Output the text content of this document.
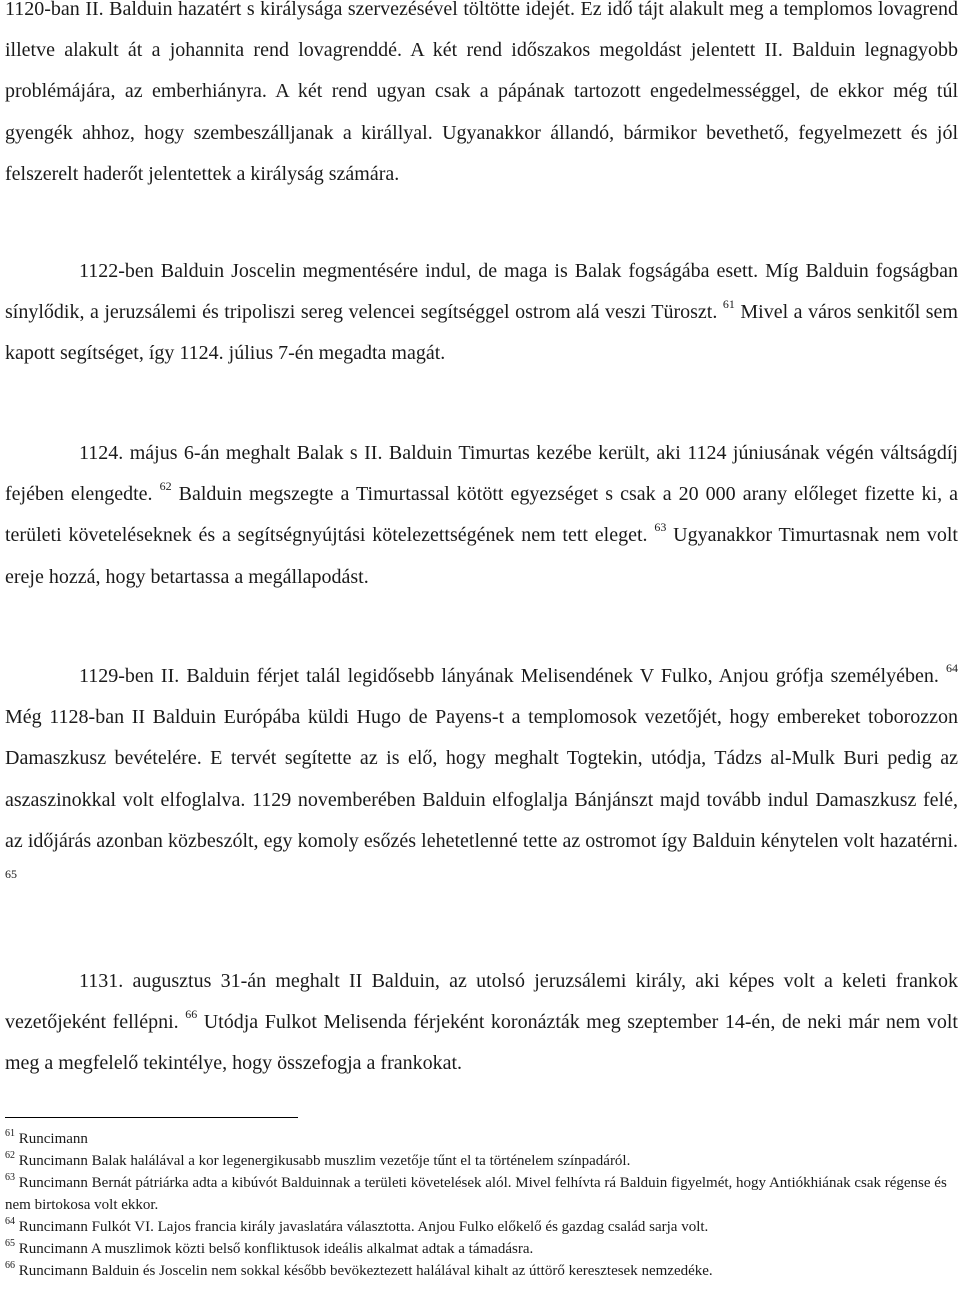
1120-ban II. Balduin hazatért s királysága szervezésével töltötte idejét. Ez idő tájt alakult meg a templomos lovagrend illetve alakult át a johannita rend lovagrenddé. A két rend időszakos megoldást jelentett II. Balduin legnagyobb problémájára, az emberhiányra. A két rend ugyan csak a pápának tartozott engedelmességgel, de ekkor még túl gyengék ahhoz, hogy szembeszálljanak a királlyal. Ugyanakkor állandó, bármikor bevethető, fegyelmezett és jól felszerelt haderőt jelentettek a királyság számára.

1122-ben Balduin Joscelin megmentésére indul, de maga is Balak fogságába esett. Míg Balduin fogságban sínylődik, a jeruzsálemi és tripoliszi sereg velencei segítséggel ostrom alá veszi Türoszt. $^{61}$ Mivel a város senkitől sem kapott segítséget, így 1124. július 7-én megadta magát.

1124. május 6-án meghalt Balak s II. Balduin Timurtas kezébe került, aki 1124 júniusának végén váltságdíj fejében elengedte. $^{62}$ Balduin megszegte a Timurtassal kötött egyezséget s csak a 20 000 arany előleget fizette ki, a területi követeléseknek és a segítségnyújtási kötelezettségének nem tett eleget. $^{63}$ Ugyanakkor Timurtasnak nem volt ereje hozzá, hogy betartassa a megállapodást.

1129-ben II. Balduin férjet talál legidősebb lányának Melisendének V Fulko, Anjou grófja személyében. $^{64}$ Még 1128-ban II Balduin Európába küldi Hugo de Payens-t a templomosok vezetőjét, hogy embereket toborozzon Damaszkusz bevételére. E tervét segítette az is elő, hogy meghalt Togtekin, utódja, Tádzs al-Mulk Buri pedig az aszaszinokkal volt elfoglalva. 1129 novemberében Balduin elfoglalja Bánjánszt majd tovább indul Damaszkusz felé, az időjárás azonban közbeszólt, egy komoly esőzés lehetetlenné tette az ostromot így Balduin kénytelen volt hazatérni. $^{65}$

1131. augusztus 31-án meghalt II Balduin, az utolsó jeruzsálemi király, aki képes volt a keleti frankok vezetőjeként fellépni. $^{66}$ Utódja Fulkot Melisenda férjeként koronázták meg szeptember 14-én, de neki már nem volt meg a megfelelő tekintélye, hogy összefogja a frankokat.

$^{61}$ Runcimann
$^{62}$ Runcimann Balak halálával a kor legenergikusabb muszlim vezetője tűnt el ta történelem színpadáról.
$^{63}$ Runcimann Bernát pátriárka adta a kibúvót Balduinnak a területi követelések alól. Mivel felhívta rá Balduin figyelmét, hogy Antiókhiának csak régense és nem birtokosa volt ekkor.
$^{64}$ Runcimann Fulkót VI. Lajos francia király javaslatára választotta. Anjou Fulko előkelő és gazdag család sarja volt.
$^{65}$ Runcimann A muszlimok közti belső konfliktusok ideális alkalmat adtak a támadásra.
$^{66}$ Runcimann Balduin és Joscelin nem sokkal később bevökeztezett halálával kihalt az úttörő keresztesek nemzedéke.
